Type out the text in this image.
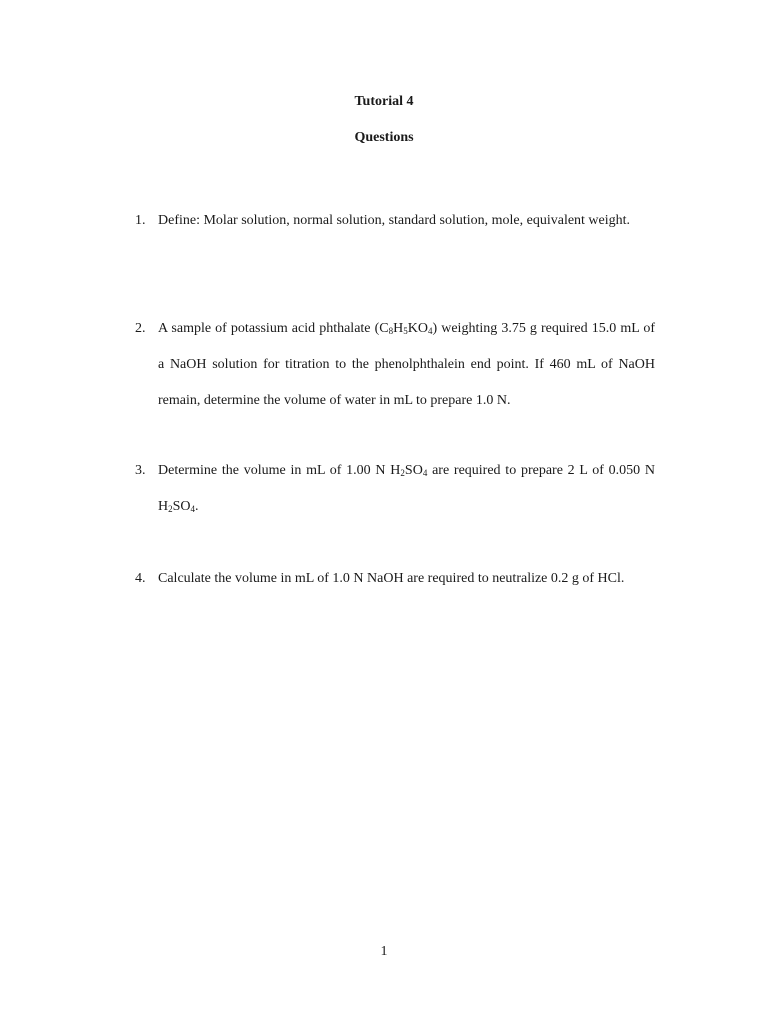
Tutorial 4
Questions
1. Define: Molar solution, normal solution, standard solution, mole, equivalent weight.
2. A sample of potassium acid phthalate $(C_8H_5KO_4)$ weighting 3.75 g required 15.0 mL of a NaOH solution for titration to the phenolphthalein end point. If 460 mL of NaOH remain, determine the volume of water in mL to prepare 1.0 N.
3. Determine the volume in mL of 1.00 N $H_2SO_4$ are required to prepare 2 L of 0.050 N $H_2SO_4$.
4. Calculate the volume in mL of 1.0 N NaOH are required to neutralize 0.2 g of HCl.
1
